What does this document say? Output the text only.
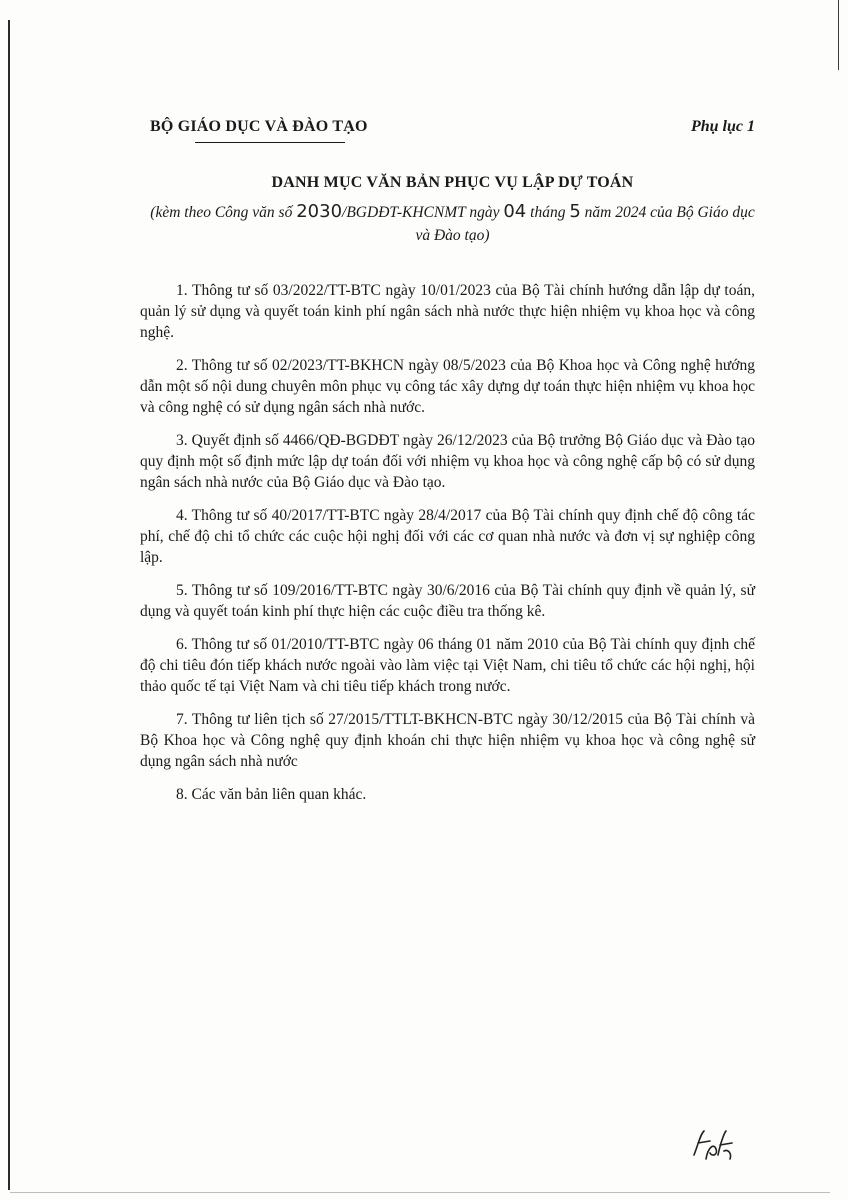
BỘ GIÁO DỤC VÀ ĐÀO TẠO	Phụ lục 1
DANH MỤC VĂN BẢN PHỤC VỤ LẬP DỰ TOÁN
(kèm theo Công văn số 2030/BGDĐT-KHCNMT ngày 04 tháng 5 năm 2024 của Bộ Giáo dục và Đào tạo)

1. Thông tư số 03/2022/TT-BTC ngày 10/01/2023 của Bộ Tài chính hướng dẫn lập dự toán, quản lý sử dụng và quyết toán kinh phí ngân sách nhà nước thực hiện nhiệm vụ khoa học và công nghệ.

2. Thông tư số 02/2023/TT-BKHCN ngày 08/5/2023 của Bộ Khoa học và Công nghệ hướng dẫn một số nội dung chuyên môn phục vụ công tác xây dựng dự toán thực hiện nhiệm vụ khoa học và công nghệ có sử dụng ngân sách nhà nước.

3. Quyết định số 4466/QĐ-BGDĐT ngày 26/12/2023 của Bộ trưởng Bộ Giáo dục và Đào tạo quy định một số định mức lập dự toán đối với nhiệm vụ khoa học và công nghệ cấp bộ có sử dụng ngân sách nhà nước của Bộ Giáo dục và Đào tạo.

4. Thông tư số 40/2017/TT-BTC ngày 28/4/2017 của Bộ Tài chính quy định chế độ công tác phí, chế độ chi tổ chức các cuộc hội nghị đối với các cơ quan nhà nước và đơn vị sự nghiệp công lập.

5. Thông tư số 109/2016/TT-BTC ngày 30/6/2016 của Bộ Tài chính quy định về quản lý, sử dụng và quyết toán kinh phí thực hiện các cuộc điều tra thống kê.

6. Thông tư số 01/2010/TT-BTC ngày 06 tháng 01 năm 2010 của Bộ Tài chính quy định chế độ chi tiêu đón tiếp khách nước ngoài vào làm việc tại Việt Nam, chi tiêu tổ chức các hội nghị, hội thảo quốc tế tại Việt Nam và chi tiêu tiếp khách trong nước.

7. Thông tư liên tịch số 27/2015/TTLT-BKHCN-BTC ngày 30/12/2015 của Bộ Tài chính và Bộ Khoa học và Công nghệ quy định khoán chi thực hiện nhiệm vụ khoa học và công nghệ sử dụng ngân sách nhà nước

8. Các văn bản liên quan khác.
